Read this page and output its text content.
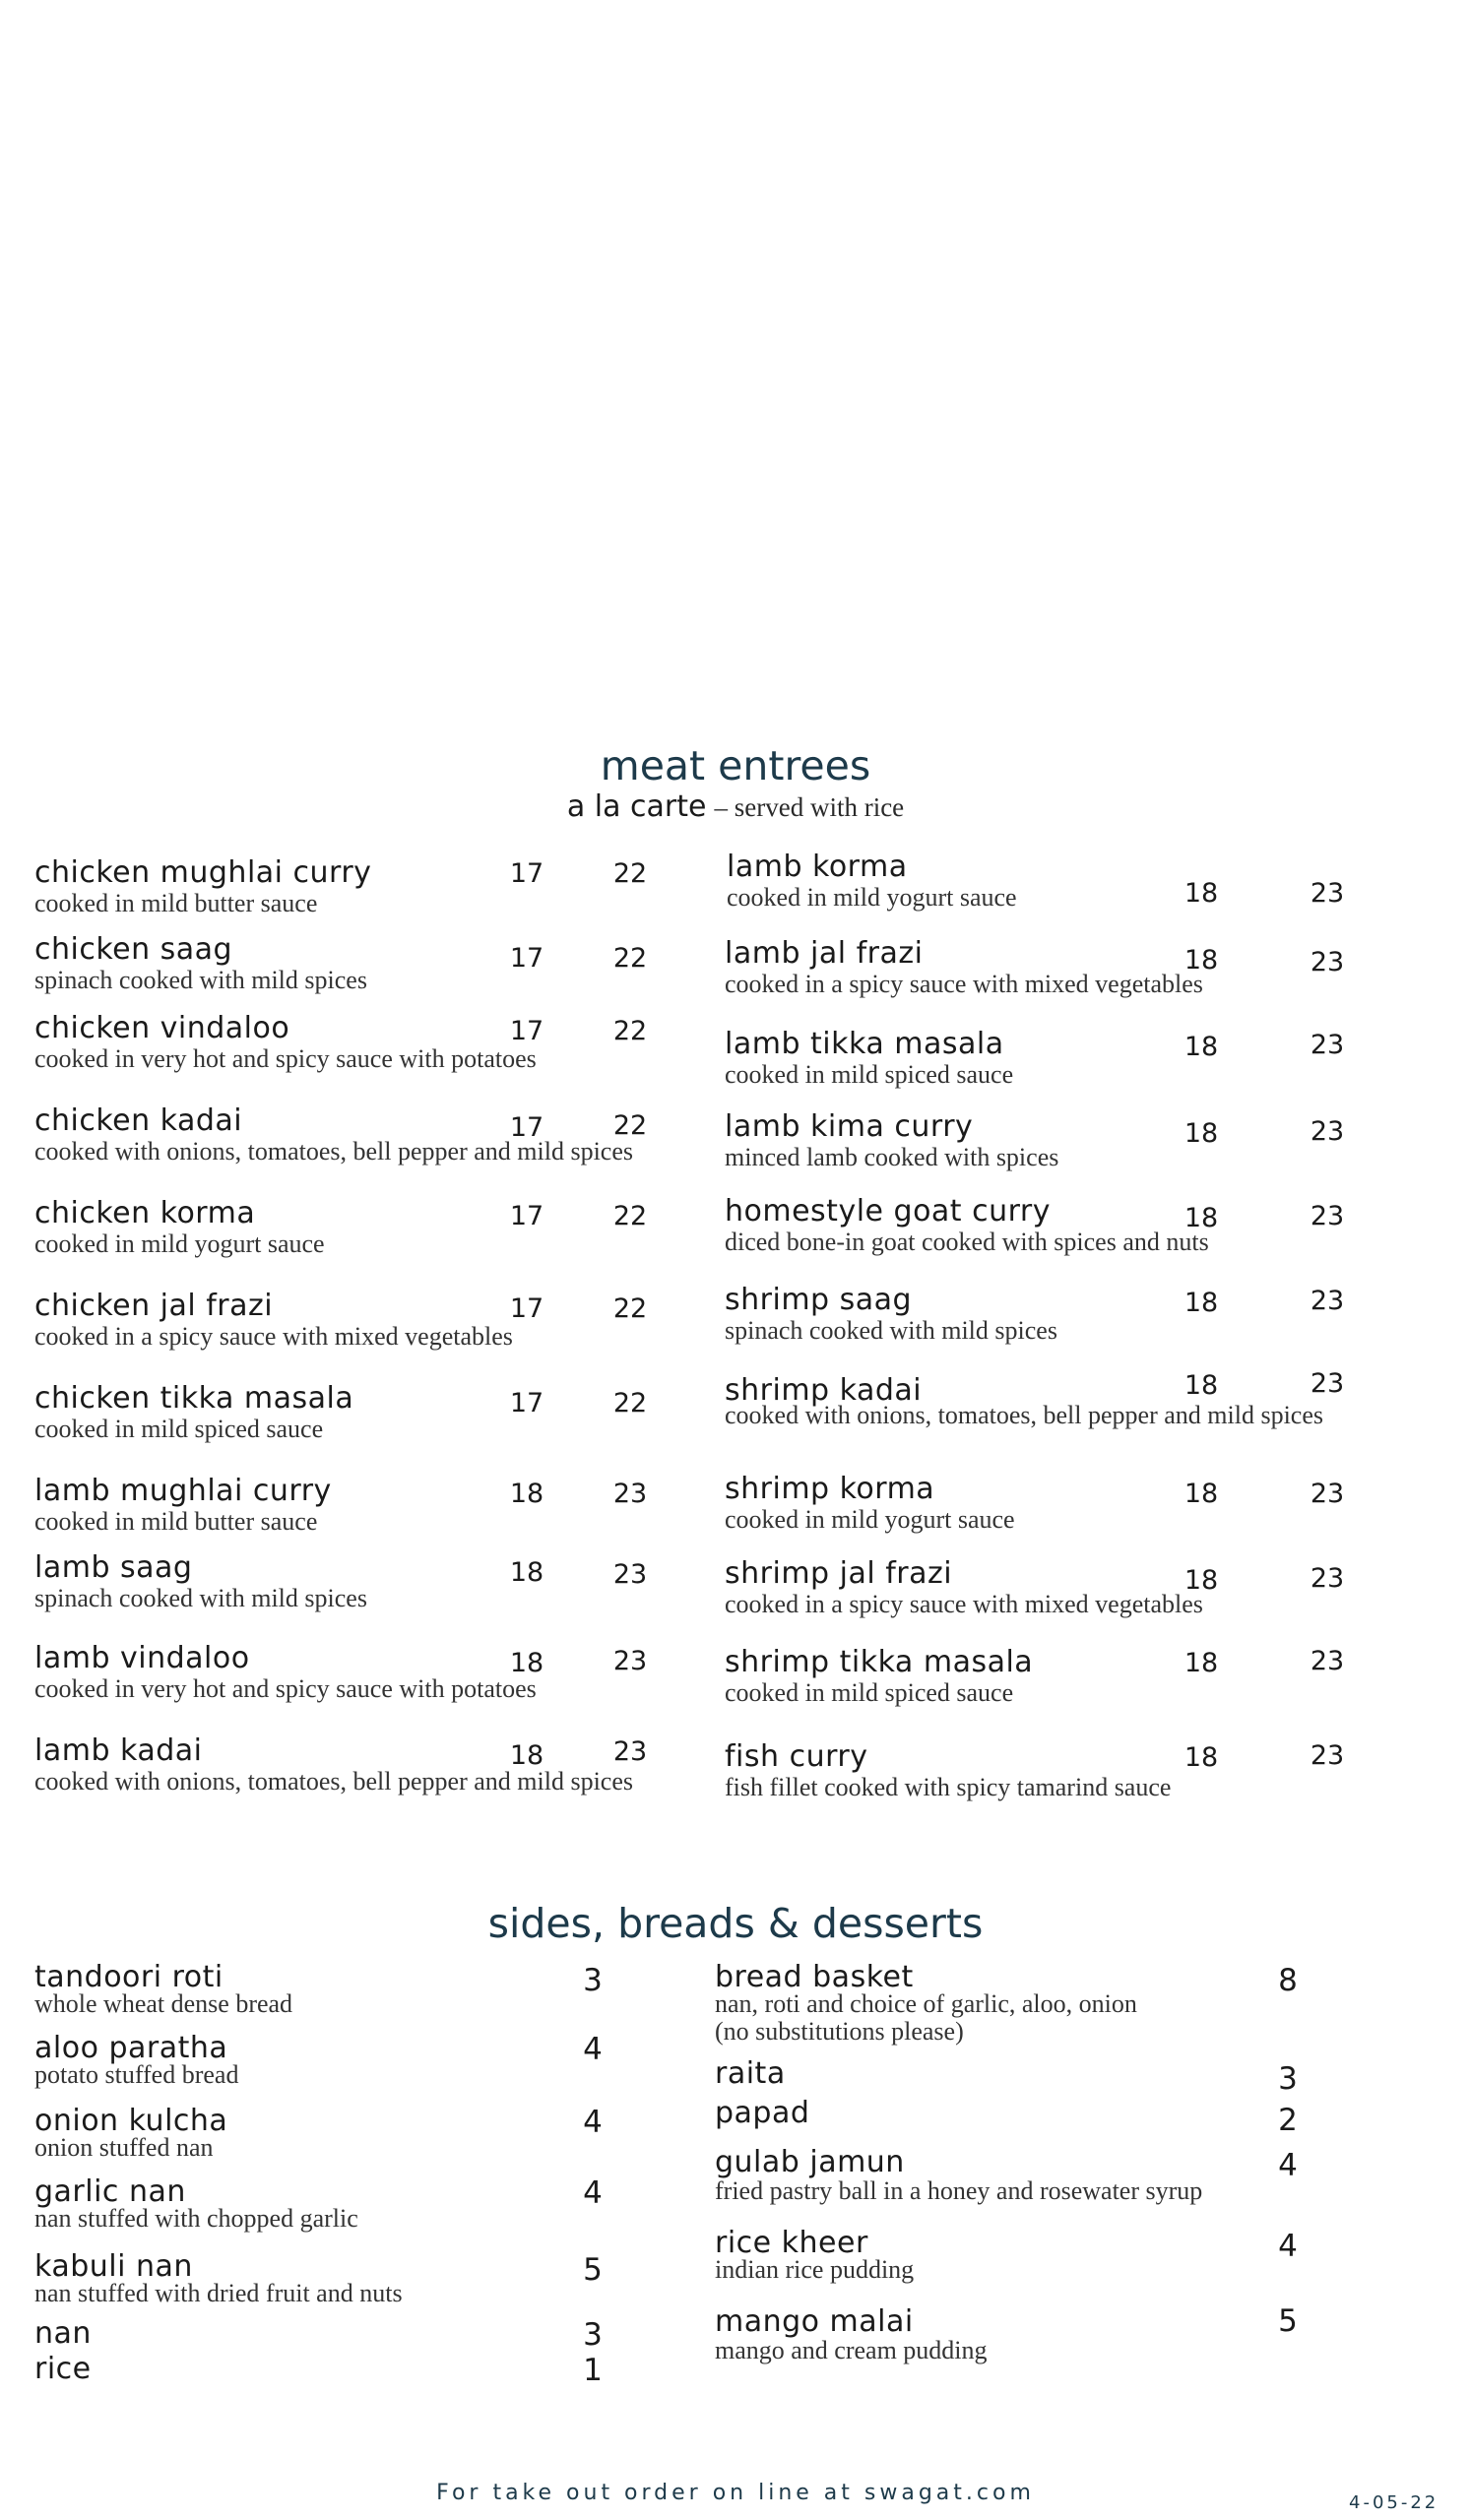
meat entrees
a la carte – served with rice
chicken mughlai curry
cooked in mild butter sauce
17	22
chicken saag
spinach cooked with mild spices
17	22
chicken vindaloo
cooked in very hot and spicy sauce with potatoes
17	22
chicken kadai
cooked with onions, tomatoes, bell pepper and mild spices
17	22
chicken korma
cooked in mild yogurt sauce
17	22
chicken jal frazi
cooked in a spicy sauce with mixed vegetables
17	22
chicken tikka masala
cooked in mild spiced sauce
17	22
lamb mughlai curry
cooked in mild butter sauce
18	23
lamb saag
spinach cooked with mild spices
18	23
lamb vindaloo
cooked in very hot and spicy sauce with potatoes
18	23
lamb kadai
cooked with onions, tomatoes, bell pepper and mild spices
18	23
lamb korma
cooked in mild yogurt sauce	18	23
lamb jal frazi
cooked in a spicy sauce with mixed vegetables
18	23
lamb tikka masala
cooked in mild spiced sauce
18	23
lamb kima curry
minced lamb cooked with spices
18	23
homestyle goat curry
diced bone-in goat cooked with spices and nuts
18	23
shrimp saag
spinach cooked with mild spices
18	23
shrimp kadai
cooked with onions, tomatoes, bell pepper and mild spices
18	23
shrimp korma
cooked in mild yogurt sauce
18	23
shrimp jal frazi
cooked in a spicy sauce with mixed vegetables
18	23
shrimp tikka masala
cooked in mild spiced sauce
18	23
fish curry
fish fillet cooked with spicy tamarind sauce
18	23
sides, breads & desserts
tandoori roti
whole wheat dense bread
3
aloo paratha
potato stuffed bread
4
onion kulcha
onion stuffed nan
4
garlic nan
nan stuffed with chopped garlic
4
kabuli nan
nan stuffed with dried fruit and nuts
5
nan	3
rice	1
bread basket
nan, roti and choice of garlic, aloo, onion
(no substitutions please)
8
raita	3
papad	2
gulab jamun
fried pastry ball in a honey and rosewater syrup
4
rice kheer
indian rice pudding
4
mango malai
mango and cream pudding
5
For take out order on line at swagat.com	4-05-22
